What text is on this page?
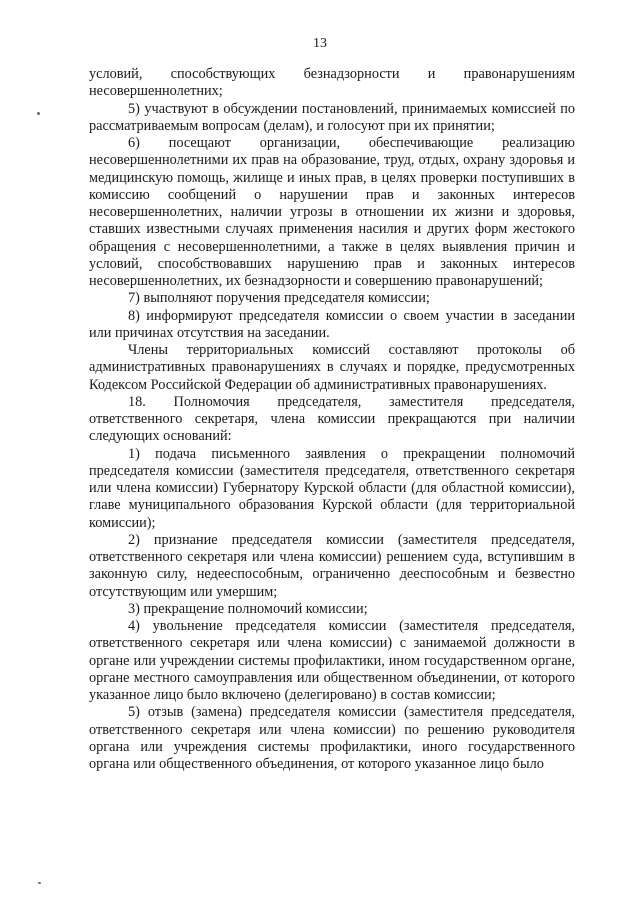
13

условий, способствующих безнадзорности и правонарушениям несовершеннолетних;

5) участвуют в обсуждении постановлений, принимаемых комиссией по рассматриваемым вопросам (делам), и голосуют при их принятии;

6) посещают организации, обеспечивающие реализацию несовершеннолетними их прав на образование, труд, отдых, охрану здоровья и медицинскую помощь, жилище и иных прав, в целях проверки поступивших в комиссию сообщений о нарушении прав и законных интересов несовершеннолетних, наличии угрозы в отношении их жизни и здоровья, ставших известными случаях применения насилия и других форм жестокого обращения с несовершеннолетними, а также в целях выявления причин и условий, способствовавших нарушению прав и законных интересов несовершеннолетних, их безнадзорности и совершению правонарушений;

7) выполняют поручения председателя комиссии;

8) информируют председателя комиссии о своем участии в заседании или причинах отсутствия на заседании.

Члены территориальных комиссий составляют протоколы об административных правонарушениях в случаях и порядке, предусмотренных Кодексом Российской Федерации об административных правонарушениях.

18. Полномочия председателя, заместителя председателя, ответственного секретаря, члена комиссии прекращаются при наличии следующих оснований:

1) подача письменного заявления о прекращении полномочий председателя комиссии (заместителя председателя, ответственного секретаря или члена комиссии) Губернатору Курской области (для областной комиссии), главе муниципального образования Курской области (для территориальной комиссии);

2) признание председателя комиссии (заместителя председателя, ответственного секретаря или члена комиссии) решением суда, вступившим в законную силу, недееспособным, ограниченно дееспособным и безвестно отсутствующим или умершим;

3) прекращение полномочий комиссии;

4) увольнение председателя комиссии (заместителя председателя, ответственного секретаря или члена комиссии) с занимаемой должности в органе или учреждении системы профилактики, ином государственном органе, органе местного самоуправления или общественном объединении, от которого указанное лицо было включено (делегировано) в состав комиссии;

5) отзыв (замена) председателя комиссии (заместителя председателя, ответственного секретаря или члена комиссии) по решению руководителя органа или учреждения системы профилактики, иного государственного органа или общественного объединения, от которого указанное лицо было
